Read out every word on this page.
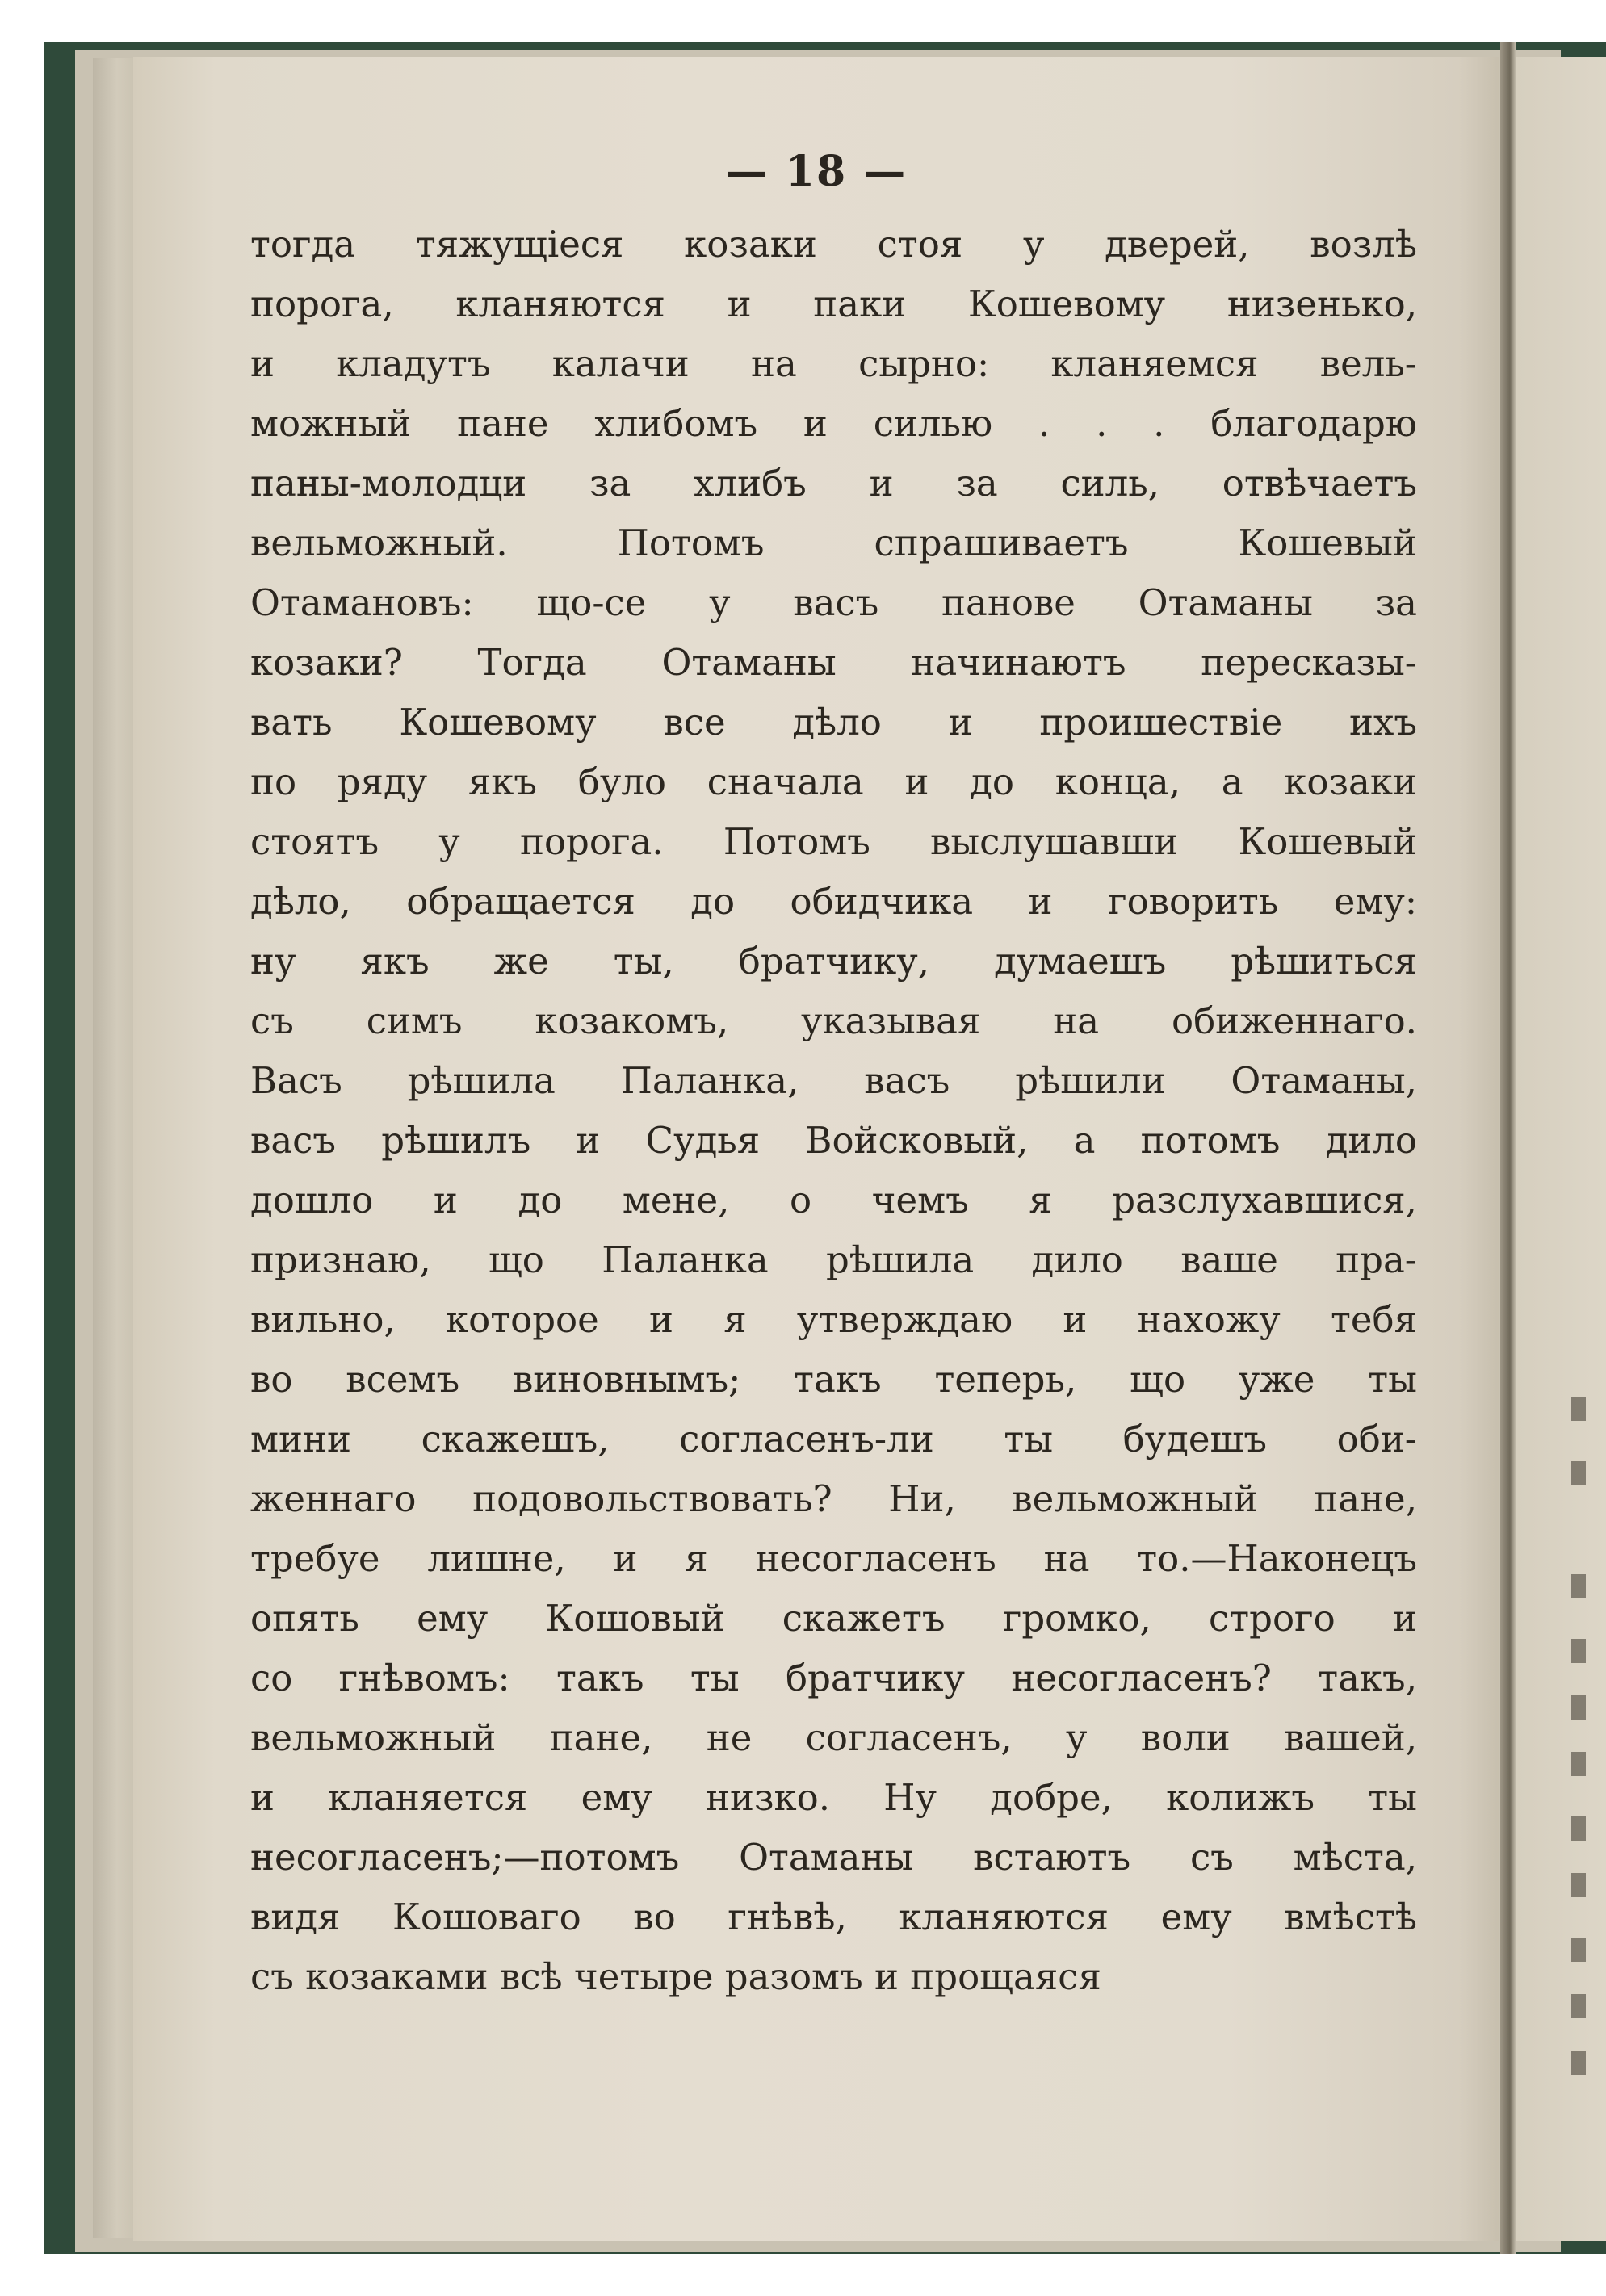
— 18 —
тогда тяжущіеся козаки стоя у дверей, возлѣ
порога, кланяются и паки Кошевому низенько,
и кладутъ калачи на сырно: кланяемся вель-
можный пане хлибомъ и силью . . . благодарю
паны-молодци за хлибъ и за силь, отвѣчаетъ
вельможный. Потомъ спрашиваетъ Кошевый
Отамановъ: що-се у васъ панове Отаманы за
козаки? Тогда Отаманы начинаютъ пересказы-
вать Кошевому все дѣло и проишествіе ихъ
по ряду якъ було сначала и до конца, а козаки
стоятъ у порога. Потомъ выслушавши Кошевый
дѣло, обращается до обидчика и говорить ему:
ну якъ же ты, братчику, думаешъ рѣшиться
съ симъ козакомъ, указывая на обиженнаго.
Васъ рѣшила Паланка, васъ рѣшили Отаманы,
васъ рѣшилъ и Судья Войсковый, а потомъ дило
дошло и до мене, о чемъ я разслухавшися,
признаю, що Паланка рѣшила дило ваше пра-
вильно, которое и я утверждаю и нахожу тебя
во всемъ виновнымъ; такъ теперь, що уже ты
мини скажешъ, согласенъ-ли ты будешъ оби-
женнаго подовольствовать? Ни, вельможный пане,
требуе лишне, и я несогласенъ на то.—Наконецъ
опять ему Кошовый скажетъ громко, строго и
со гнѣвомъ: такъ ты братчику несогласенъ? такъ,
вельможный пане, не согласенъ, у воли вашей,
и кланяется ему низко. Ну добре, колижъ ты
несогласенъ;—потомъ Отаманы встаютъ съ мѣста,
видя Кошоваго во гнѣвѣ, кланяются ему вмѣстѣ
съ козаками всѣ четыре разомъ и прощаяся
